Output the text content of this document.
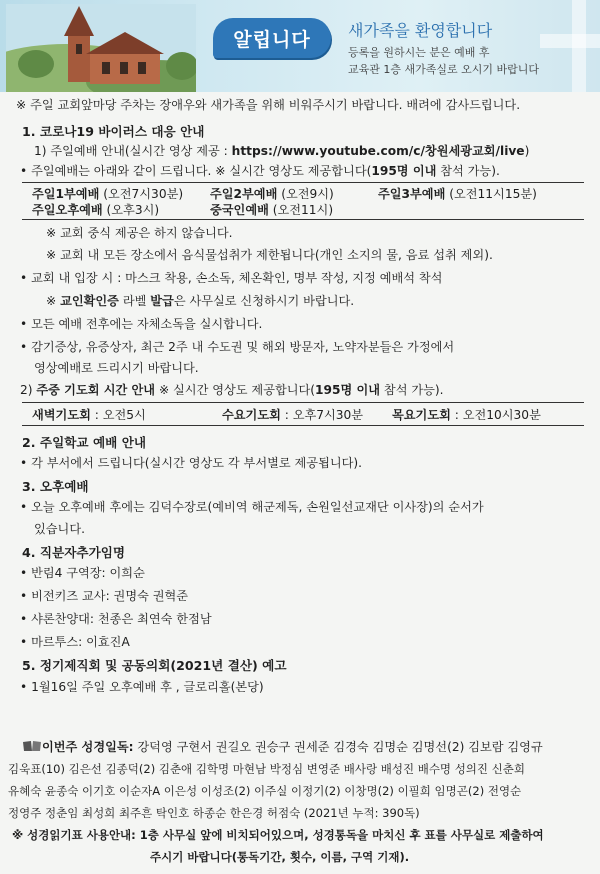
알립니다	새가족을 환영합니다
등록을 원하시는 분은 예배 후
교육관 1층 새가족실로 오시기 바랍니다
※ 주일 교회앞마당 주차는 장애우와 새가족을 위해 비워주시기 바랍니다. 배려에 감사드립니다.
1. 코로나19 바이러스 대응 안내
1) 주일예배 안내(실시간 영상 제공 : https://www.youtube.com/c/창원세광교회/live)
• 주일예배는 아래와 같이 드립니다. ※ 실시간 영상도 제공합니다(195명 이내 참석 가능).
주일1부예배 (오전7시30분) 주일2부예배 (오전9시)	주일3부예배 (오전11시15분)
주일오후예배 (오후3시)	중국인예배 (오전11시)
※ 교회 중식 제공은 하지 않습니다.
※ 교회 내 모든 장소에서 음식물섭취가 제한됩니다(개인 소지의 물, 음료 섭취 제외).
• 교회 내 입장 시 : 마스크 착용, 손소독, 체온확인, 명부 작성, 지정 예배석 착석
※ 교인확인증 라벨 발급은 사무실로 신청하시기 바랍니다.
• 모든 예배 전후에는 자체소독을 실시합니다.
• 감기증상, 유증상자, 최근 2주 내 수도권 및 해외 방문자, 노약자분들은 가정에서
영상예배로 드리시기 바랍니다.
2) 주중 기도회 시간 안내 ※ 실시간 영상도 제공합니다(195명 이내 참석 가능).
새벽기도회 : 오전5시	수요기도회 : 오후7시30분 목요기도회 : 오전10시30분
2. 주일학교 예배 안내
• 각 부서에서 드립니다(실시간 영상도 각 부서별로 제공됩니다).
3. 오후예배
• 오늘 오후예배 후에는 김덕수장로(예비역 해군제독, 손원일선교재단 이사장)의 순서가
있습니다.
4. 직분자추가임명
• 반림4 구역장: 이희순
• 비전키즈 교사: 권명숙 권혁준
• 샤론찬양대: 천종은 최연숙 한점남
• 마르투스: 이효진A
5. 정기제직회 및 공동의회(2021년 결산) 예고
• 1월16일 주일 오후예배 후 , 글로리홀(본당)
이번주 성경일독: 강덕영 구현서 권길오 권승구 권세준 김경숙 김명순 김명선(2) 김보람 김영규
김욱표(10) 김은선 김종덕(2) 김춘애 김학명 마현남 박정심 변영준 배사랑 배성진 배수명 성의진 신춘희
유혜숙 윤종숙 이기호 이순자A 이은성 이성조(2) 이주실 이정기(2) 이창명(2) 이필희 임명곤(2) 전영순
정영주 정춘임 최성희 최주흔 탁인호 하종순 한은경 허점숙 (2021년 누적: 390독)
※ 성경읽기표 사용안내: 1층 사무실 앞에 비치되어있으며, 성경통독을 마치신 후 표를 사무실로 제출하여
주시기 바랍니다(통독기간, 횟수, 이름, 구역 기재).
